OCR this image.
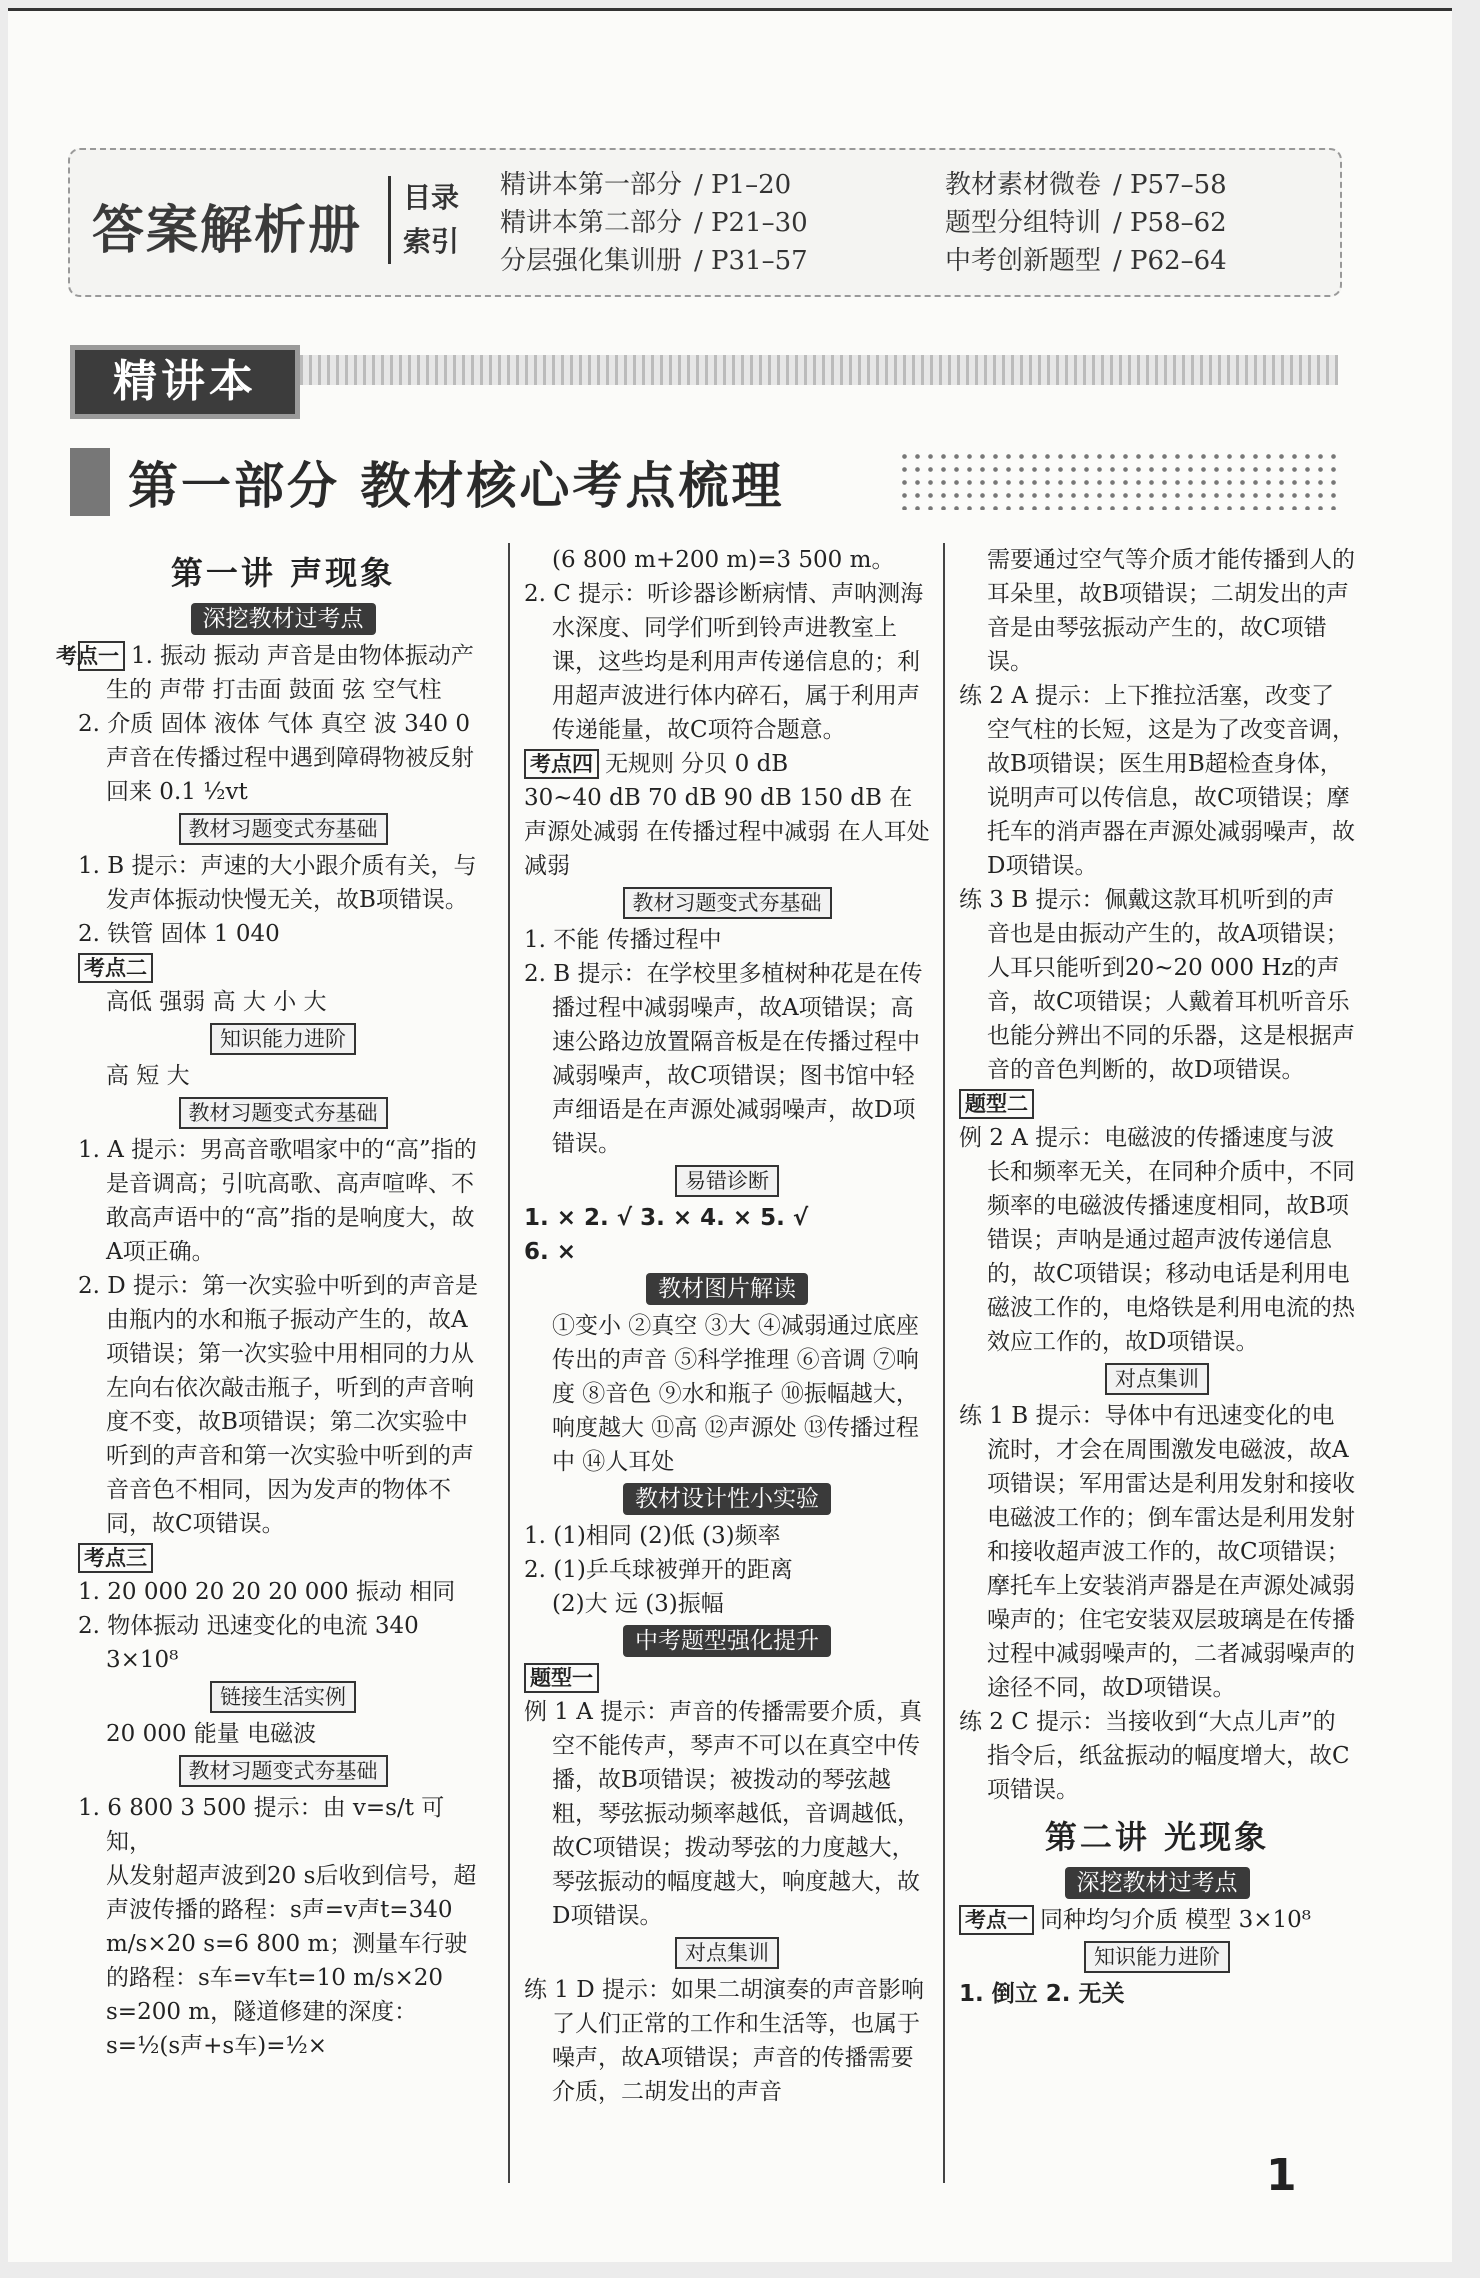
答案解析册
目录索引
精讲本第一部分 / P1–20
精讲本第二部分 / P21–30
分层强化集训册 / P31–57
教材素材微卷 / P57–58
题型分组特训 / P58–62
中考创新题型 / P62–64
精讲本
第一部分 教材核心考点梳理
第一讲 声现象
深挖教材过考点
考点一 1. 振动 振动 声音是由物体振动产生的 声带 打击面 鼓面 弦 空气柱
2. 介质 固体 液体 气体 真空 波 340 0 声音在传播过程中遇到障碍物被反射回来 0.1 ½vt
教材习题变式夯基础
1. B 提示：声速的大小跟介质有关，与发声体振动快慢无关，故B项错误。
2. 铁管 固体 1 040
考点二
高低 强弱 高 大 小 大
知识能力进阶
高 短 大
教材习题变式夯基础
1. A 提示：男高音歌唱家中的“高”指的是音调高；引吭高歌、高声喧哗、不敢高声语中的“高”指的是响度大，故A项正确。
2. D 提示：第一次实验中听到的声音是由瓶内的水和瓶子振动产生的，故A项错误；第一次实验中用相同的力从左向右依次敲击瓶子，听到的声音响度不变，故B项错误；第二次实验中听到的声音和第一次实验中听到的声音音色不相同，因为发声的物体不同，故C项错误。
考点三
1. 20 000 20 20 20 000 振动 相同
2. 物体振动 迅速变化的电流 340 3×10⁸
链接生活实例
20 000 能量 电磁波
教材习题变式夯基础
1. 6 800 3 500 提示：由 v=s/t 可知，
从发射超声波到20 s后收到信号，超声波传播的路程：s声=v声t=340 m/s×20 s=6 800 m；测量车行驶的路程：s车=v车t=10 m/s×20 s=200 m，隧道修建的深度：s=½(s声+s车)=½×
(6 800 m+200 m)=3 500 m。
2. C 提示：听诊器诊断病情、声呐测海水深度、同学们听到铃声进教室上课，这些均是利用声传递信息的；利用超声波进行体内碎石，属于利用声传递能量，故C项符合题意。
考点四 无规则 分贝 0 dB
30~40 dB 70 dB 90 dB 150 dB 在声源处减弱 在传播过程中减弱 在人耳处减弱
教材习题变式夯基础
1. 不能 传播过程中
2. B 提示：在学校里多植树种花是在传播过程中减弱噪声，故A项错误；高速公路边放置隔音板是在传播过程中减弱噪声，故C项错误；图书馆中轻声细语是在声源处减弱噪声，故D项错误。
易错诊断
1. × 2. √ 3. × 4. × 5. √
6. ×
教材图片解读
①变小 ②真空 ③大 ④减弱通过底座传出的声音 ⑤科学推理 ⑥音调 ⑦响度 ⑧音色 ⑨水和瓶子 ⑩振幅越大，响度越大 ⑪高 ⑫声源处 ⑬传播过程中 ⑭人耳处
教材设计性小实验
1. (1)相同 (2)低 (3)频率
2. (1)乒乓球被弹开的距离
(2)大 远 (3)振幅
中考题型强化提升
题型一
例 1 A 提示：声音的传播需要介质，真空不能传声，琴声不可以在真空中传播，故B项错误；被拨动的琴弦越粗，琴弦振动频率越低，音调越低，故C项错误；拨动琴弦的力度越大，琴弦振动的幅度越大，响度越大，故D项错误。
对点集训
练 1 D 提示：如果二胡演奏的声音影响了人们正常的工作和生活等，也属于噪声，故A项错误；声音的传播需要介质，二胡发出的声音
需要通过空气等介质才能传播到人的耳朵里，故B项错误；二胡发出的声音是由琴弦振动产生的，故C项错误。
练 2 A 提示：上下推拉活塞，改变了空气柱的长短，这是为了改变音调，故B项错误；医生用B超检查身体，说明声可以传信息，故C项错误；摩托车的消声器在声源处减弱噪声，故D项错误。
练 3 B 提示：佩戴这款耳机听到的声音也是由振动产生的，故A项错误；人耳只能听到20~20 000 Hz的声音，故C项错误；人戴着耳机听音乐也能分辨出不同的乐器，这是根据声音的音色判断的，故D项错误。
题型二
例 2 A 提示：电磁波的传播速度与波长和频率无关，在同种介质中，不同频率的电磁波传播速度相同，故B项错误；声呐是通过超声波传递信息的，故C项错误；移动电话是利用电磁波工作的，电烙铁是利用电流的热效应工作的，故D项错误。
对点集训
练 1 B 提示：导体中有迅速变化的电流时，才会在周围激发电磁波，故A项错误；军用雷达是利用发射和接收电磁波工作的；倒车雷达是利用发射和接收超声波工作的，故C项错误；摩托车上安装消声器是在声源处减弱噪声的；住宅安装双层玻璃是在传播过程中减弱噪声的，二者减弱噪声的途径不同，故D项错误。
练 2 C 提示：当接收到“大点儿声”的指令后，纸盆振动的幅度增大，故C项错误。
第二讲 光现象
深挖教材过考点
考点一 同种均匀介质 模型 3×10⁸
知识能力进阶
1. 倒立 2. 无关
1
